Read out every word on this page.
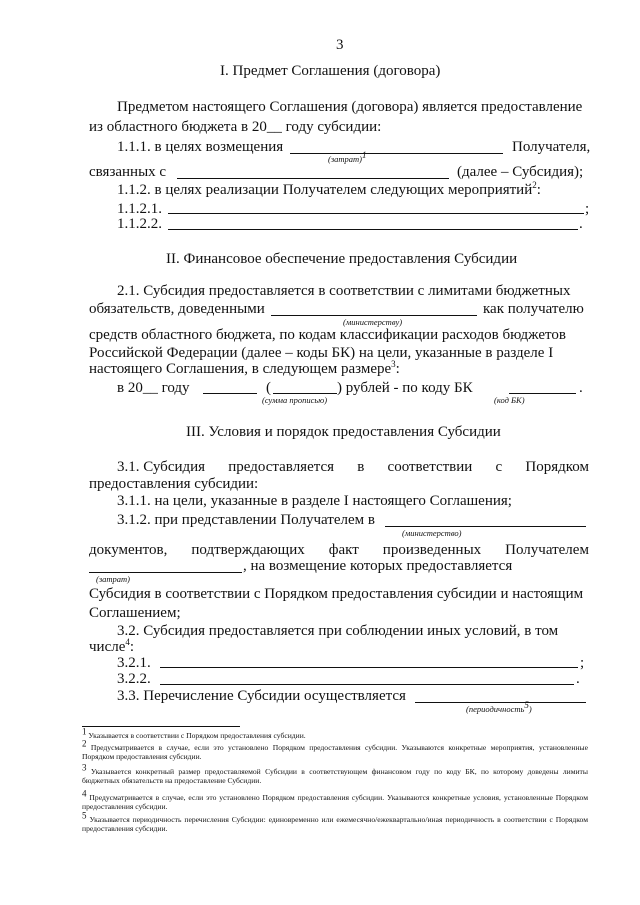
3
I. Предмет Соглашения (договора)
Предметом настоящего Соглашения (договора) является предоставление
из областного бюджета в 20__ году субсидии:
1.1.1. в целях возмещения	Получателя,
(затрат)$^1$
связанных с	(далее – Субсидия);
1.1.2. в целях реализации Получателем следующих мероприятий$^2$:
1.1.2.1.	;
1.1.2.2.	.
II. Финансовое обеспечение предоставления Субсидии
2.1. Субсидия предоставляется в соответствии с лимитами бюджетных
обязательств, доведенными	как получателю
(министерству)
средств областного бюджета, по кодам классификации расходов бюджетов
Российской Федерации (далее – коды БК) на цели, указанные в разделе I
настоящего Соглашения, в следующем размере$^3$:
в 20__ году	(	) рублей - по коду БК	.
(сумма прописью)	(код БК)
III. Условия и порядок предоставления Субсидии
3.1. Субсидия предоставляется в соответствии с Порядком
предоставления субсидии:
3.1.1. на цели, указанные в разделе I настоящего Соглашения;
3.1.2. при представлении Получателем в
(министерство)
документов, подтверждающих факт произведенных Получателем
, на возмещение которых предоставляется
(затрат)
Субсидия в соответствии с Порядком предоставления субсидии и настоящим
Соглашением;
3.2. Субсидия предоставляется при соблюдении иных условий, в том
числе$^4$:
3.2.1.	;
3.2.2.	.
3.3. Перечисление Субсидии осуществляется
(периодичность$^5$)
$^1$ Указывается в соответствии с Порядком предоставления субсидии.
$^2$ Предусматривается в случае, если это установлено Порядком предоставления субсидии. Указываются конкретные мероприятия, установленные Порядком предоставления субсидии.
$^3$ Указывается конкретный размер предоставляемой Субсидии в соответствующем финансовом году по коду БК, по которому доведены лимиты бюджетных обязательств на предоставление Субсидии.
$^4$ Предусматривается в случае, если это установлено Порядком предоставления субсидии. Указываются конкретные условия, установленные Порядком предоставления субсидии.
$^5$ Указывается периодичность перечисления Субсидии: единовременно или ежемесячно/ежеквартально/иная периодичность в соответствии с Порядком предоставления субсидии.
